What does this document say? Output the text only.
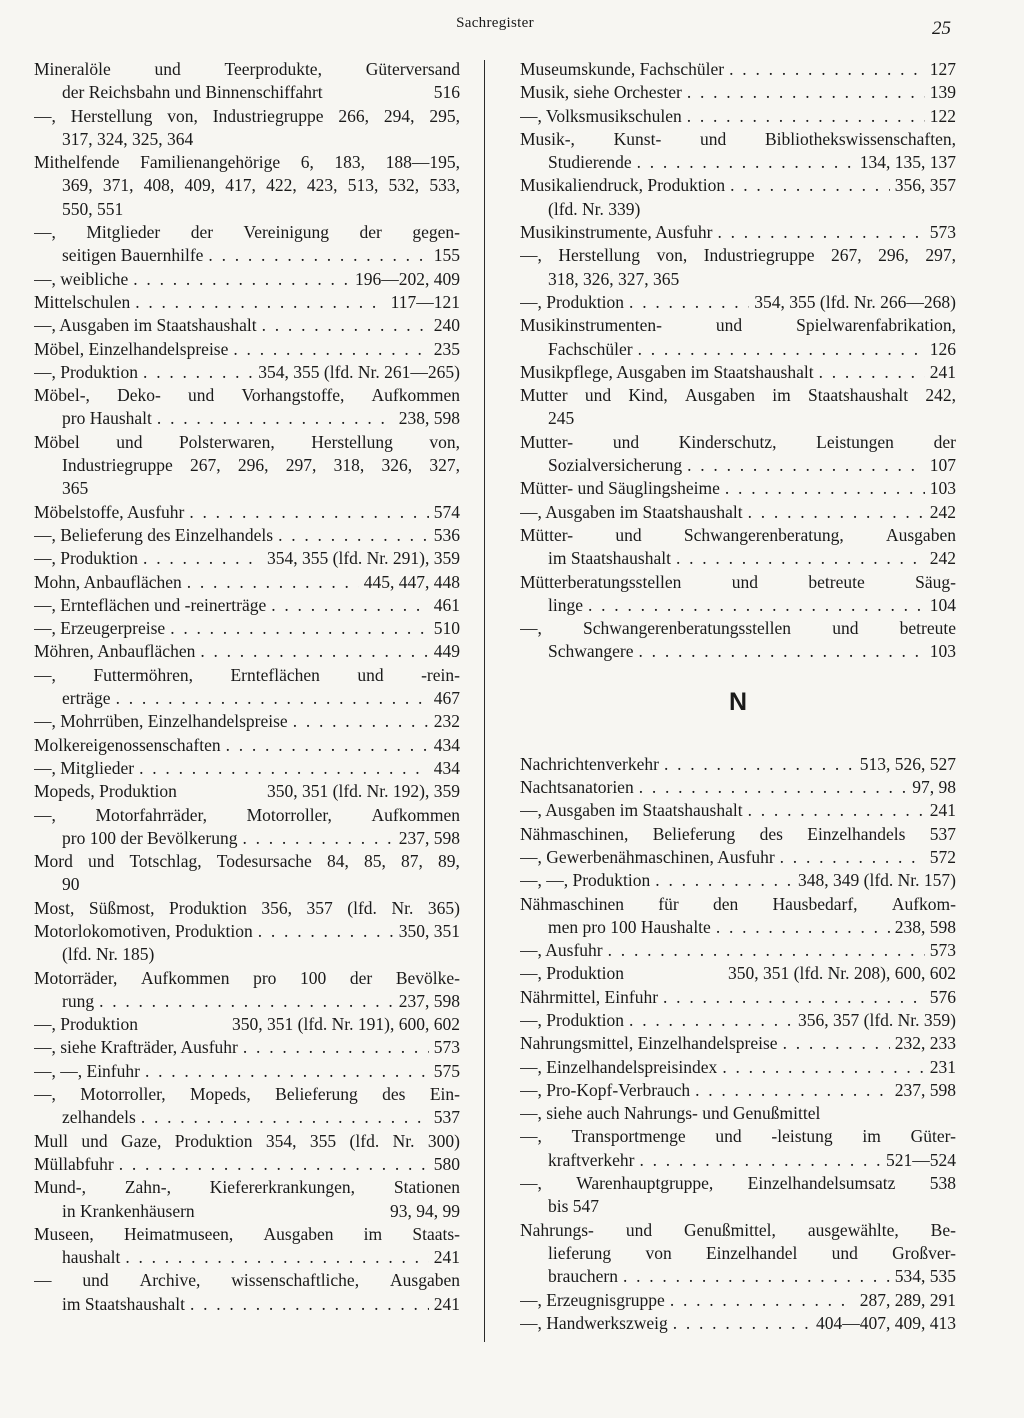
Sachregister	25
Mineralöle	und	Teerprodukte,	Güterversand
der Reichsbahn und Binnenschiffahrt	516
—, Herstellung von, Industriegruppe 266, 294, 295,
317, 324, 325, 364
Mithelfende Familienangehörige 6, 183, 188—195,
369, 371, 408, 409, 417, 422, 423, 513, 532, 533,
550, 551
—, Mitglieder der Vereinigung der gegen-
seitigen Bauernhilfe . . .	155
—, weibliche . . .	196—202, 409
Mittelschulen . . .	117—121
—, Ausgaben im Staatshaushalt . . .	240
Möbel, Einzelhandelspreise . . .	235
—, Produktion . . .	354, 355 (lfd. Nr. 261—265)
Möbel-, Deko- und Vorhangstoffe, Aufkommen
pro Haushalt . . .	238, 598
Möbel und Polsterwaren, Herstellung von,
Industriegruppe 267, 296, 297, 318, 326, 327,
365
Möbelstoffe, Ausfuhr . . .	574
—, Belieferung des Einzelhandels . . .	536
—, Produktion . . .	354, 355 (lfd. Nr. 291), 359
Mohn, Anbauflächen . . .	445, 447, 448
—, Ernteflächen und -reinerträge . . .	461
—, Erzeugerpreise . . .	510
Möhren, Anbauflächen . . .	449
—, Futtermöhren, Ernteflächen und -rein-
erträge . . .	467
—, Mohrrüben, Einzelhandelspreise . . .	232
Molkereigenossenschaften . . .	434
—, Mitglieder . . .	434
Mopeds, Produktion	350, 351 (lfd. Nr. 192), 359
—, Motorfahrräder, Motorroller, Aufkommen
pro 100 der Bevölkerung . . .	237, 598
Mord und Totschlag, Todesursache 84, 85, 87, 89,
90
Most, Süßmost, Produktion 356, 357 (lfd. Nr. 365)
Motorlokomotiven, Produktion . . .	350, 351
(lfd. Nr. 185)
Motorräder, Aufkommen pro 100 der Bevölke-
rung . . .	237, 598
—, Produktion	350, 351 (lfd. Nr. 191), 600, 602
—, siehe Krafträder, Ausfuhr . . .	573
—, —, Einfuhr . . .	575
—, Motorroller, Mopeds, Belieferung des Ein-
zelhandels . . .	537
Mull und Gaze, Produktion 354, 355 (lfd. Nr. 300)
Müllabfuhr . . .	580
Mund-, Zahn-, Kiefererkrankungen, Stationen
in Krankenhäusern	93, 94, 99
Museen, Heimatmuseen, Ausgaben im Staats-
haushalt . . .	241
— und Archive, wissenschaftliche, Ausgaben
im Staatshaushalt . . .	241
Museumskunde, Fachschüler . . .	127
Musik, siehe Orchester . . .	139
—, Volksmusikschulen . . .	122
Musik-, Kunst- und Bibliothekswissenschaften,
Studierende . . .	134, 135, 137
Musikaliendruck, Produktion . . .	356, 357
(lfd. Nr. 339)
Musikinstrumente, Ausfuhr . . .	573
—, Herstellung von, Industriegruppe 267, 296, 297,
318, 326, 327, 365
—, Produktion . . .	354, 355 (lfd. Nr. 266—268)
Musikinstrumenten-	und	Spielwarenfabrikation,
Fachschüler . . .	126
Musikpflege, Ausgaben im Staatshaushalt . . .	241
Mutter und Kind, Ausgaben im Staatshaushalt 242,
245
Mutter- und Kinderschutz, Leistungen der
Sozialversicherung . . .	107
Mütter- und Säuglingsheime . . .	103
—, Ausgaben im Staatshaushalt . . .	242
Mütter- und Schwangerenberatung, Ausgaben
im Staatshaushalt . . .	242
Mütterberatungsstellen	und	betreute	Säug-
linge . . .	104
—, Schwangerenberatungsstellen und betreute
Schwangere . . .	103
N
Nachrichtenverkehr . . .	513, 526, 527
Nachtsanatorien . . .	97, 98
—, Ausgaben im Staatshaushalt . . .	241
Nähmaschinen, Belieferung des Einzelhandels 537
—, Gewerbenähmaschinen, Ausfuhr . . .	572
—, —, Produktion . . .	348, 349 (lfd. Nr. 157)
Nähmaschinen für den Hausbedarf, Aufkom-
men pro 100 Haushalte . . .	238, 598
—, Ausfuhr . . .	573
—, Produktion	350, 351 (lfd. Nr. 208), 600, 602
Nährmittel, Einfuhr . . .	576
—, Produktion . . .	356, 357 (lfd. Nr. 359)
Nahrungsmittel, Einzelhandelspreise . . .	232, 233
—, Einzelhandelspreisindex . . .	231
—, Pro-Kopf-Verbrauch . . .	237, 598
—, siehe auch Nahrungs- und Genußmittel
—, Transportmenge und -leistung im Güter-
kraftverkehr . . .	521—524
—, Warenhauptgruppe, Einzelhandelsumsatz 538
bis 547
Nahrungs- und Genußmittel, ausgewählte, Be-
lieferung von Einzelhandel und Großver-
brauchern . . .	534, 535
—, Erzeugnisgruppe . . .	287, 289, 291
—, Handwerkszweig . . .	404—407, 409, 413
